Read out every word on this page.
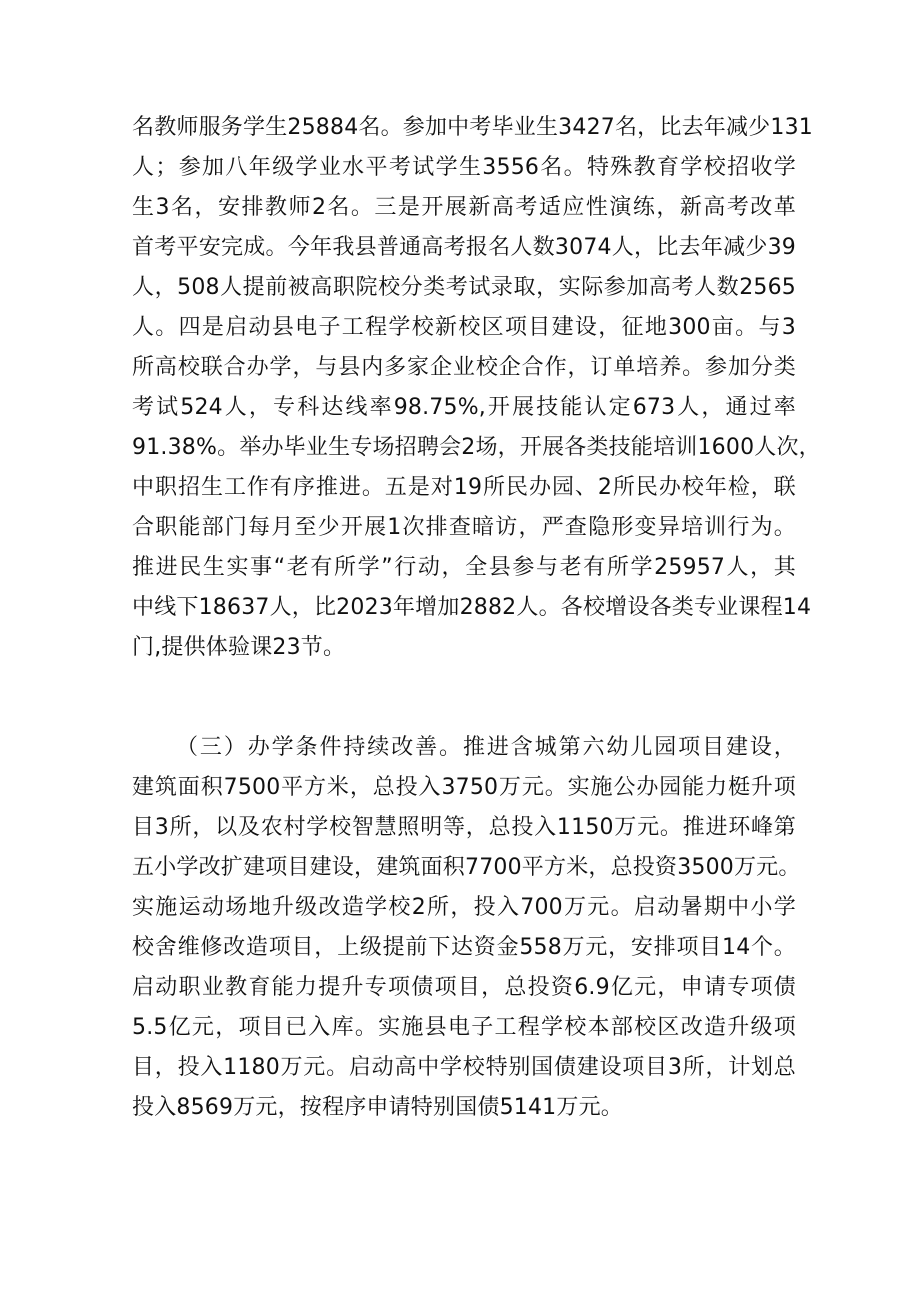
名教师服务学生25884名。参加中考毕业生3427名，比去年减少131
人；参加八年级学业水平考试学生3556名。特殊教育学校招收学
生3名，安排教师2名。三是开展新高考适应性演练，新高考改革
首考平安完成。今年我县普通高考报名人数3074人，比去年减少39
人，508人提前被高职院校分类考试录取，实际参加高考人数2565
人。四是启动县电子工程学校新校区项目建设，征地300亩。与3
所高校联合办学，与县内多家企业校企合作，订单培养。参加分类
考试524人，专科达线率98.75%,开展技能认定673人，通过率
91.38%。举办毕业生专场招聘会2场，开展各类技能培训1600人次，
中职招生工作有序推进。五是对19所民办园、2所民办校年检，联
合职能部门每月至少开展1次排查暗访，严查隐形变异培训行为。
推进民生实事“老有所学”行动，全县参与老有所学25957人，其
中线下18637人，比2023年增加2882人。各校增设各类专业课程14
门,提供体验课23节。
（三）办学条件持续改善。推进含城第六幼儿园项目建设，
建筑面积7500平方米，总投入3750万元。实施公办园能力梃升项
目3所，以及农村学校智慧照明等，总投入1150万元。推进环峰第
五小学改扩建项目建设，建筑面积7700平方米，总投资3500万元。
实施运动场地升级改造学校2所，投入700万元。启动暑期中小学
校舍维修改造项目，上级提前下达资金558万元，安排项目14个。
启动职业教育能力提升专项债项目，总投资6.9亿元，申请专项债
5.5亿元，项目已入库。实施县电子工程学校本部校区改造升级项
目，投入1180万元。启动高中学校特别国债建设项目3所，计划总
投入8569万元，按程序申请特别国债5141万元。
